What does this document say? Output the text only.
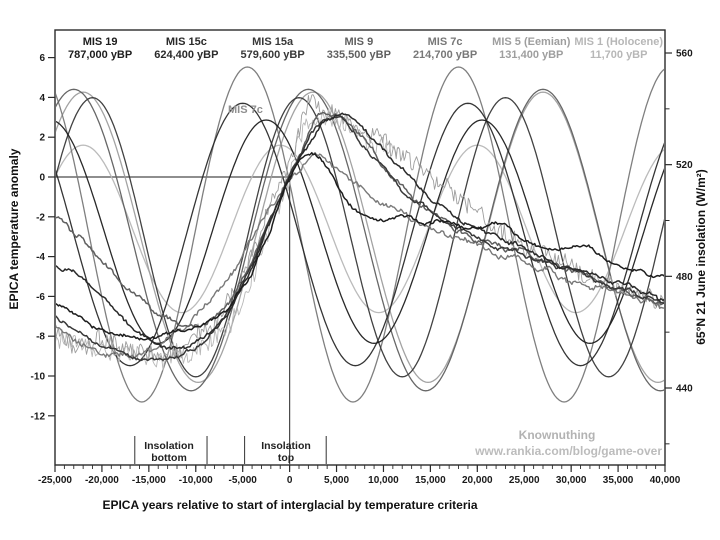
6
4
2
0
-2
-4
-6
-8
-10
-12
560
520
480
440
-25,000 -20,000 -15,000 -10,000 -5,000	0	5,000 10,000 15,000 20,000 25,000 30,000 35,000 40,000
MIS 19
787,000 yBP
MIS 15c
624,400 yBP
MIS 15a
579,600 yBP
MIS 9
335,500 yBP
MIS 7c
214,700 yBP
MIS 5 (Eemian)
131,400 yBP
MIS 1 (Holocene)
11,700 yBP
EPICA temperature anomaly	65°N 21 June insolation (W/m²)
EPICA years relative to start of interglacial by temperature criteria
MIS 7c
Insolation
bottom
Insolation
top
Knownuthing
www.rankia.com/blog/game-over
